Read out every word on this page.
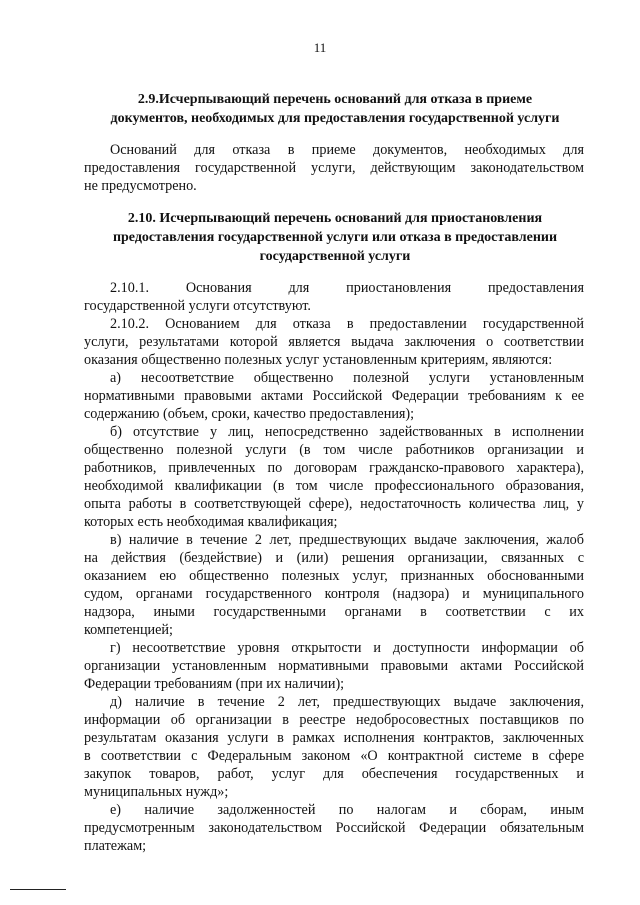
11
2.9.Исчерпывающий перечень оснований для отказа в приеме
документов, необходимых для предоставления государственной услуги
Оснований для отказа в приеме документов, необходимых для
предоставления государственной услуги, действующим законодательством
не предусмотрено.
2.10. Исчерпывающий перечень оснований для приостановления
предоставления государственной услуги или отказа в предоставлении
государственной услуги
2.10.1. Основания для приостановления предоставления
государственной услуги отсутствуют.
2.10.2. Основанием для отказа в предоставлении государственной
услуги, результатами которой является выдача заключения о соответствии
оказания общественно полезных услуг установленным критериям, являются:
а) несоответствие общественно полезной услуги установленным
нормативными правовыми актами Российской Федерации требованиям к ее
содержанию (объем, сроки, качество предоставления);
б) отсутствие у лиц, непосредственно задействованных в исполнении
общественно полезной услуги (в том числе работников организации и
работников, привлеченных по договорам гражданско-правового характера),
необходимой квалификации (в том числе профессионального образования,
опыта работы в соответствующей сфере), недостаточность количества лиц, у
которых есть необходимая квалификация;
в) наличие в течение 2 лет, предшествующих выдаче заключения, жалоб
на действия (бездействие) и (или) решения организации, связанных с
оказанием ею общественно полезных услуг, признанных обоснованными
судом, органами государственного контроля (надзора) и муниципального
надзора, иными государственными органами в соответствии с их
компетенцией;
г) несоответствие уровня открытости и доступности информации об
организации установленным нормативными правовыми актами Российской
Федерации требованиям (при их наличии);
д) наличие в течение 2 лет, предшествующих выдаче заключения,
информации об организации в реестре недобросовестных поставщиков по
результатам оказания услуги в рамках исполнения контрактов, заключенных
в соответствии с Федеральным законом «О контрактной системе в сфере
закупок товаров, работ, услуг для обеспечения государственных и
муниципальных нужд»;
е) наличие задолженностей по налогам и сборам, иным
предусмотренным законодательством Российской Федерации обязательным
платежам;
